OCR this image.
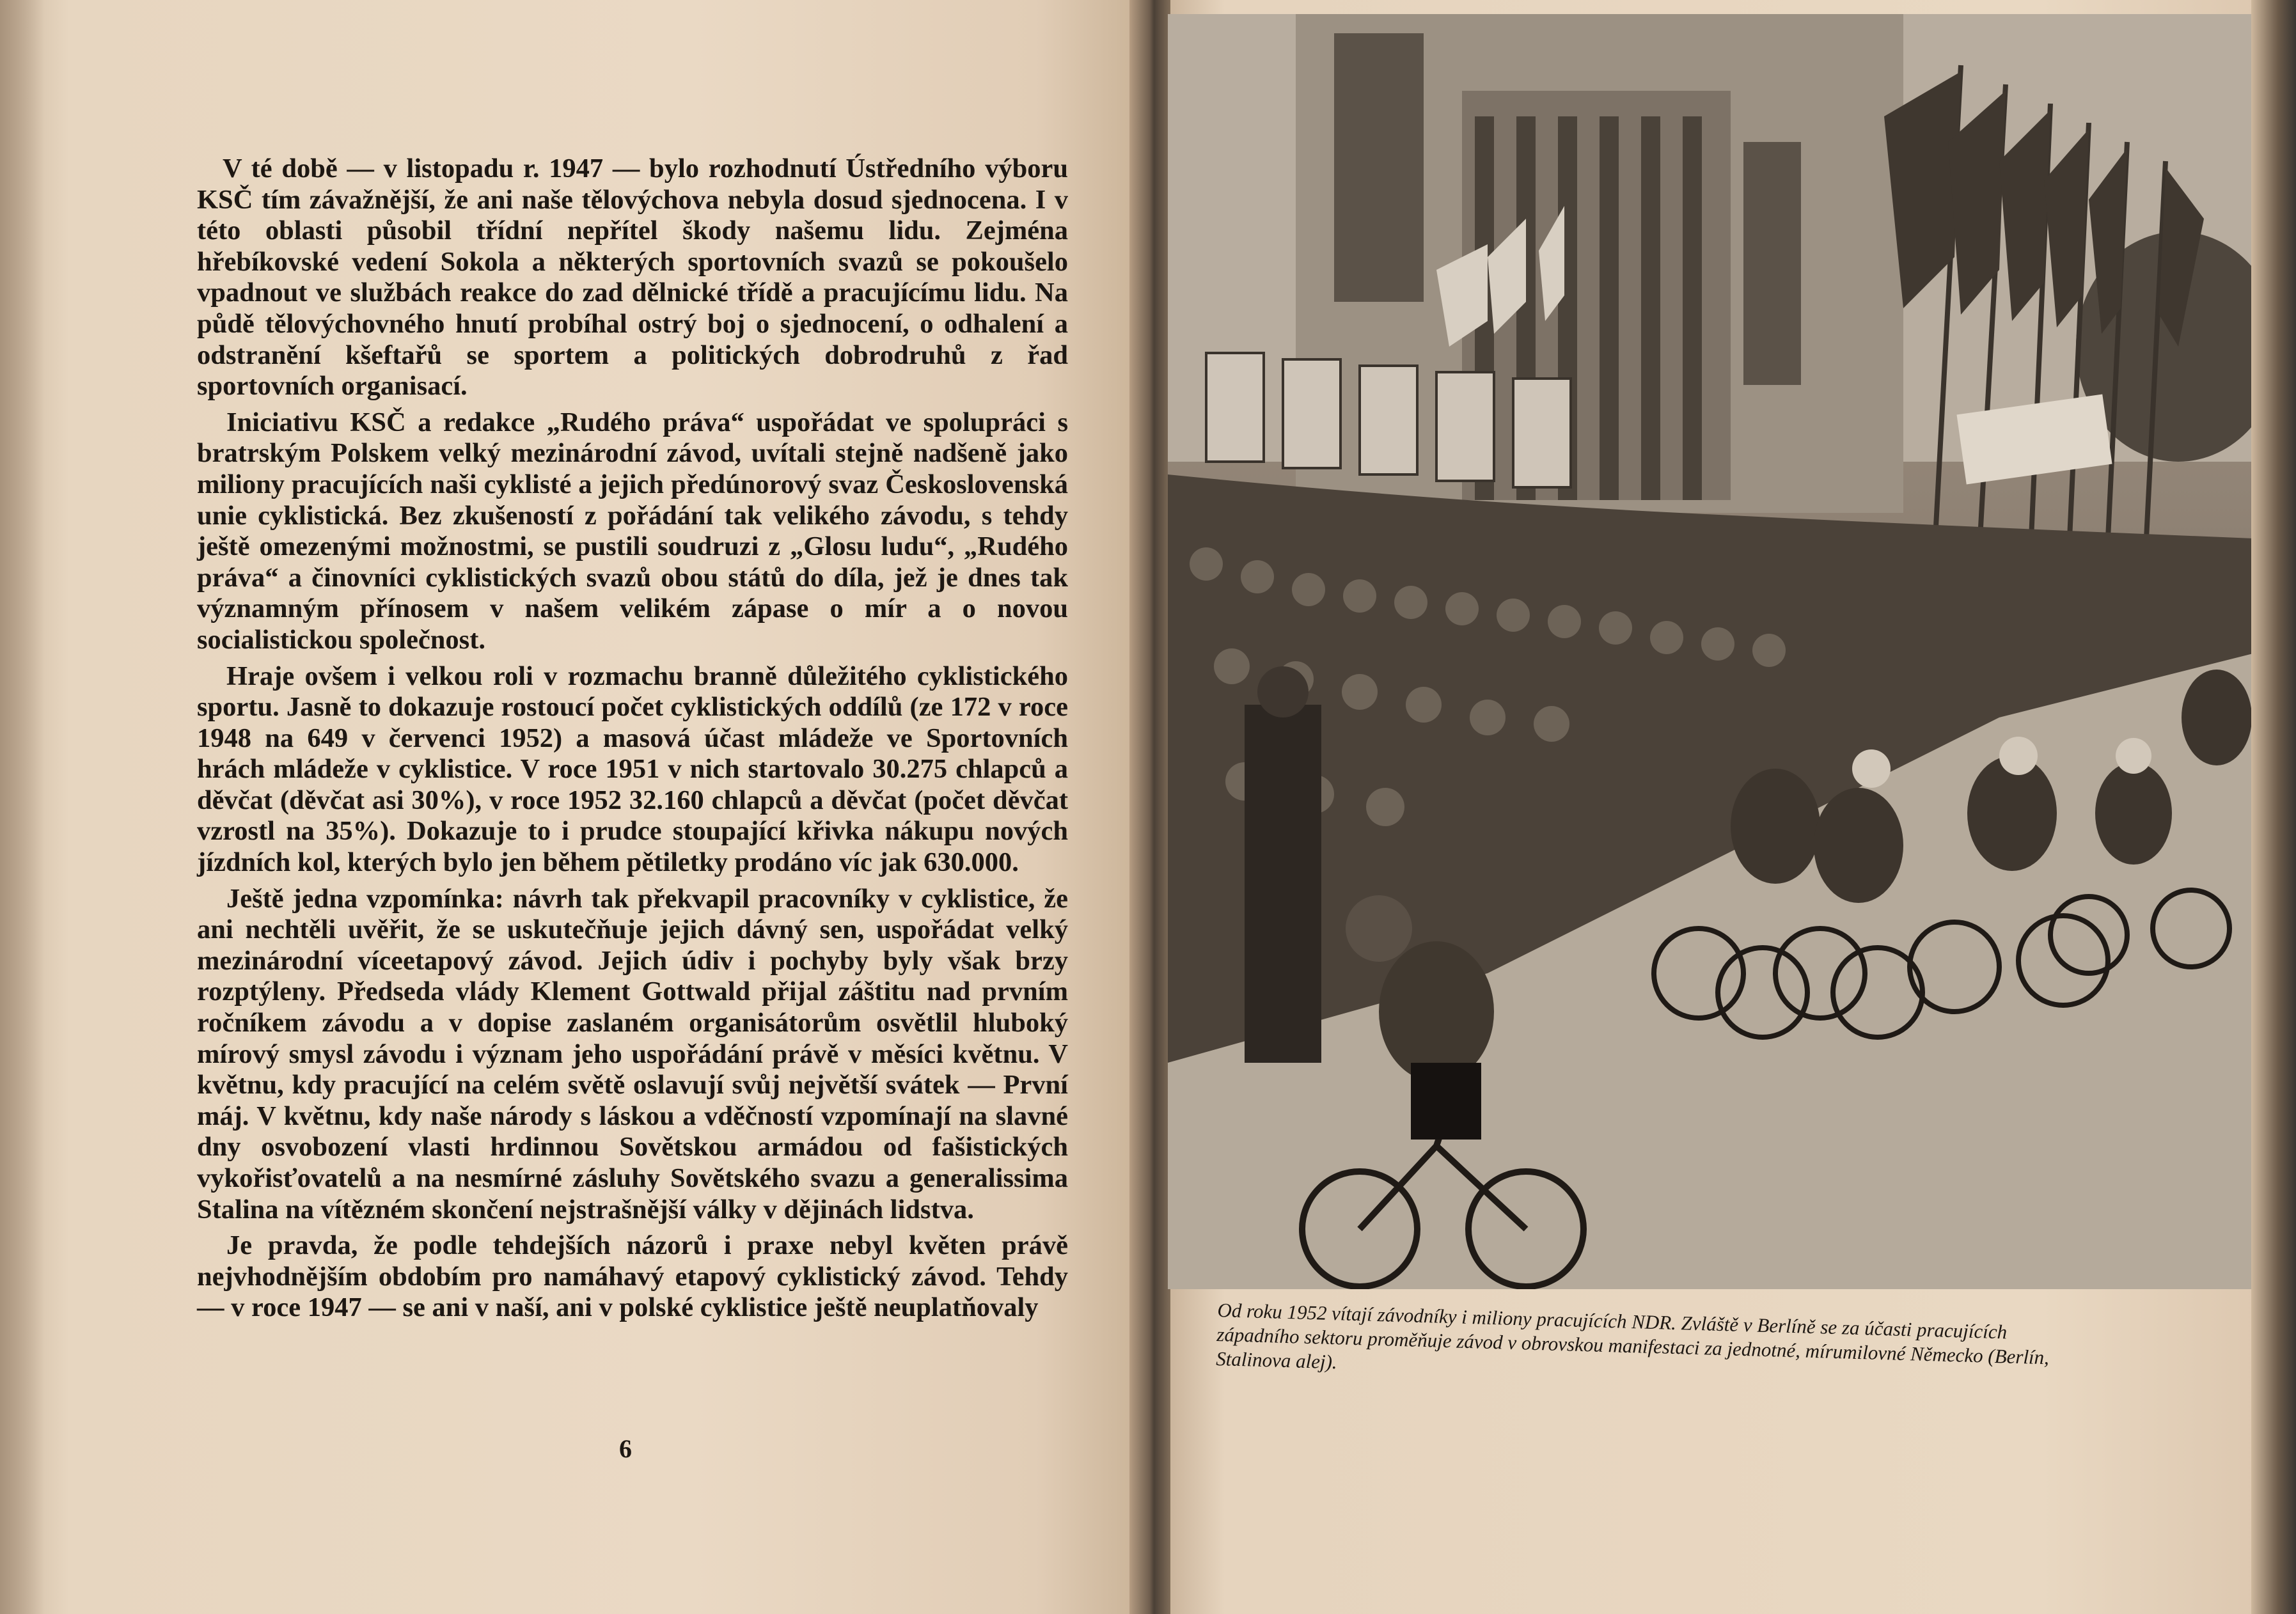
V té době — v listopadu r. 1947 — bylo rozhodnutí Ústředního výboru KSČ tím závažnější, že ani naše tělovýchova nebyla dosud sjednocena. I v této oblasti působil třídní nepřítel škody našemu lidu. Zejména hřebíkovské vedení Sokola a některých sportovních svazů se pokoušelo vpadnout ve službách reakce do zad dělnické třídě a pracujícímu lidu. Na půdě tělovýchovného hnutí probíhal ostrý boj o sjednocení, o odhalení a odstranění kšeftařů se sportem a politických dobrodruhů z řad sportovních organisací.

Iniciativu KSČ a redakce „Rudého práva“ uspořádat ve spolupráci s bratrským Polskem velký mezinárodní závod, uvítali stejně nadšeně jako miliony pracujících naši cyklisté a jejich předúnorový svaz Československá unie cyklistická. Bez zkušeností z pořádání tak velikého závodu, s tehdy ještě omezenými možnostmi, se pustili soudruzi z „Glosu ludu“, „Rudého práva“ a činovníci cyklistických svazů obou států do díla, jež je dnes tak významným přínosem v našem velikém zápase o mír a o novou socialistickou společnost.

Hraje ovšem i velkou roli v rozmachu branně důležitého cyklistického sportu. Jasně to dokazuje rostoucí počet cyklistických oddílů (ze 172 v roce 1948 na 649 v červenci 1952) a masová účast mládeže ve Sportovních hrách mládeže v cyklistice. V roce 1951 v nich startovalo 30.275 chlapců a děvčat (děvčat asi 30%), v roce 1952 32.160 chlapců a děvčat (počet děvčat vzrostl na 35%). Dokazuje to i prudce stoupající křivka nákupu nových jízdních kol, kterých bylo jen během pětiletky prodáno víc jak 630.000.

Ještě jedna vzpomínka: návrh tak překvapil pracovníky v cyklistice, že ani nechtěli uvěřit, že se uskutečňuje jejich dávný sen, uspořádat velký mezinárodní víceetapový závod. Jejich údiv i pochyby byly však brzy rozptýleny. Předseda vlády Klement Gottwald přijal záštitu nad prvním ročníkem závodu a v dopise zaslaném organisátorům osvětlil hluboký mírový smysl závodu i význam jeho uspořádání právě v měsíci květnu. V květnu, kdy pracující na celém světě oslavují svůj největší svátek — První máj. V květnu, kdy naše národy s láskou a vděčností vzpomínají na slavné dny osvobození vlasti hrdinnou Sovětskou armádou od fašistických vykořisťovatelů a na nesmírné zásluhy Sovětského svazu a generalissima Stalina na vítězném skončení nejstrašnější války v dějinách lidstva.

Je pravda, že podle tehdejších názorů i praxe nebyl květen právě nejvhodnějším obdobím pro namáhavý etapový cyklistický závod. Tehdy — v roce 1947 — se ani v naší, ani v polské cyklistice ještě neuplatňovaly

6
Od roku 1952 vítají závodníky i miliony pracujících NDR. Zvláště v Berlíně se za účasti pracujících západního sektoru proměňuje závod v obrovskou manifestaci za jednotné, mírumilovné Německo (Berlín, Stalinova alej).
